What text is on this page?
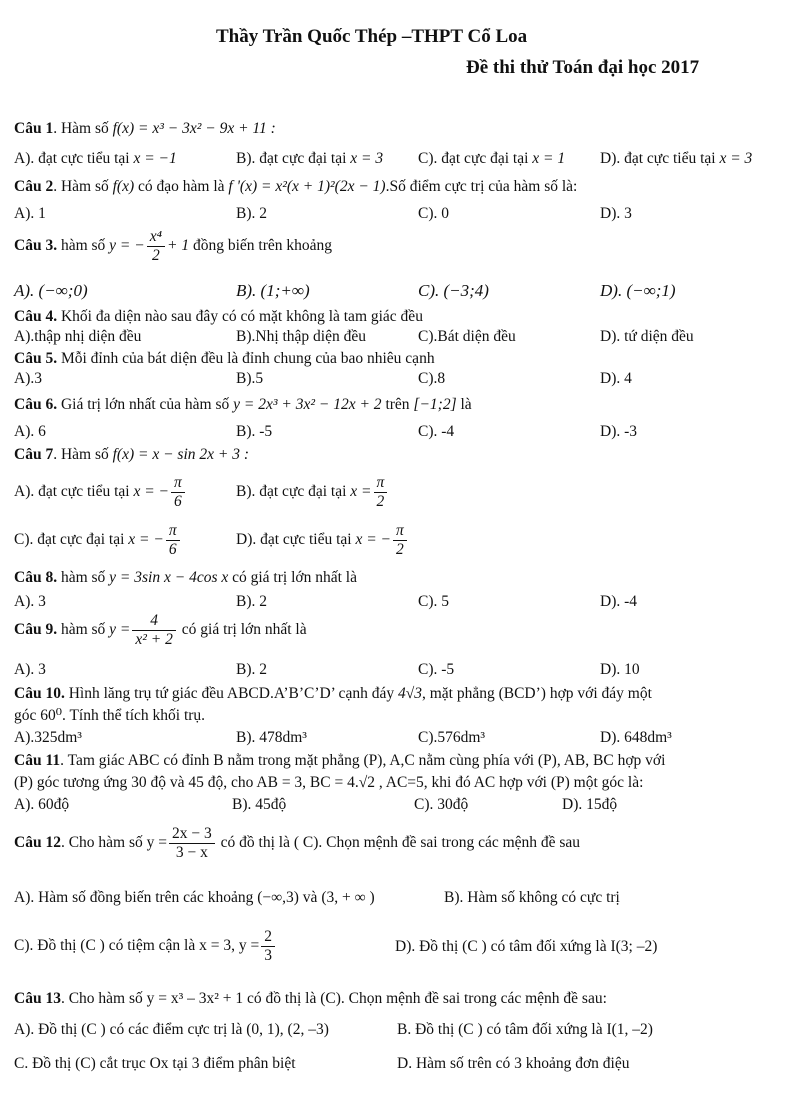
Thầy Trần Quốc Thép –THPT Cổ Loa
Đề thi thử Toán đại học 2017
Câu 1. Hàm số f(x) = x³ − 3x² − 9x + 11 :
A). đạt cực tiểu tại x = −1	B). đạt cực đại tại x = 3 C). đạt cực đại tại x = 1 D). đạt cực tiểu tại x = 3
Câu 2. Hàm số f(x) có đạo hàm là f '(x) = x²(x + 1)²(2x − 1).Số điểm cực trị của hàm số là:
A). 1	B). 2	C). 0	D). 3
Câu 3. hàm số y = − $\frac{\text{x⁴}}{2} + 1$ đồng biến trên khoảng
A). (−∞;0)	B). (1;+∞)	C). (−3;4)	D). (−∞;1)
Câu 4. Khối đa diện nào sau đây có có mặt không là tam giác đều
A).thập nhị diện đều	B).Nhị thập diện đều	C).Bát diện đều	D). tứ diện đều
Câu 5. Mỗi đỉnh của bát diện đều là đỉnh chung của bao nhiêu cạnh
A).3	B).5	C).8	D). 4
Câu 6. Giá trị lớn nhất của hàm số y = 2x³ + 3x² − 12x + 2 trên [−1;2] là
A). 6	B). -5	C). -4	D). -3
Câu 7. Hàm số f(x) = x − sin 2x + 3 :
A). đạt cực tiểu tại x = − $\frac{\pi}{6}$	B). đạt cực đại tại $x = \frac{\pi}{2}$
C). đạt cực đại tại x = − $\frac{\pi}{6}$	D). đạt cực tiểu tại x = − $\frac{\pi}{2}$
Câu 8. hàm số y = 3sin x − 4cos x có giá trị lớn nhất là
A). 3	B). 2	C). 5	D). -4
Câu 9. hàm số $y = \frac{4}{\text{x² + 2}}$ có giá trị lớn nhất là
A). 3	B). 2	C). -5	D). 10
Câu 10. Hình lăng trụ tứ giác đều ABCD.A’B’C’D’ cạnh đáy 4√3, mặt phẳng (BCD’) hợp với đáy một
góc 60⁰. Tính thể tích khối trụ.
A).325dm³	B). 478dm³	C).576dm³	D). 648dm³
Câu 11. Tam giác ABC có đỉnh B nằm trong mặt phẳng (P), A,C nằm cùng phía với (P), AB, BC hợp với
(P) góc tương ứng 30 độ và 45 độ, cho AB = 3, BC = 4.√2 , AC=5, khi đó AC hợp với (P) một góc là:
A). 60độ	B). 45độ	C). 30độ	D). 15độ
Câu 12. Cho hàm số $y = \frac{2x - 3}{3 - x}$ có đồ thị là ( C). Chọn mệnh đề sai trong các mệnh đề sau
A). Hàm số đồng biến trên các khoảng (−∞,3) và (3, + ∞ )	B). Hàm số không có cực trị
C). Đồ thị (C ) có tiệm cận là x = 3, $y = \frac{2}{3}$	D). Đồ thị (C ) có tâm đối xứng là I(3; –2)
Câu 13. Cho hàm số y = x³ – 3x² + 1 có đồ thị là (C). Chọn mệnh đề sai trong các mệnh đề sau:
A). Đồ thị (C ) có các điểm cực trị là (0, 1), (2, –3)	B. Đồ thị (C ) có tâm đối xứng là I(1, –2)
C. Đồ thị (C) cắt trục Ox tại 3 điểm phân biệt	D. Hàm số trên có 3 khoảng đơn điệu
